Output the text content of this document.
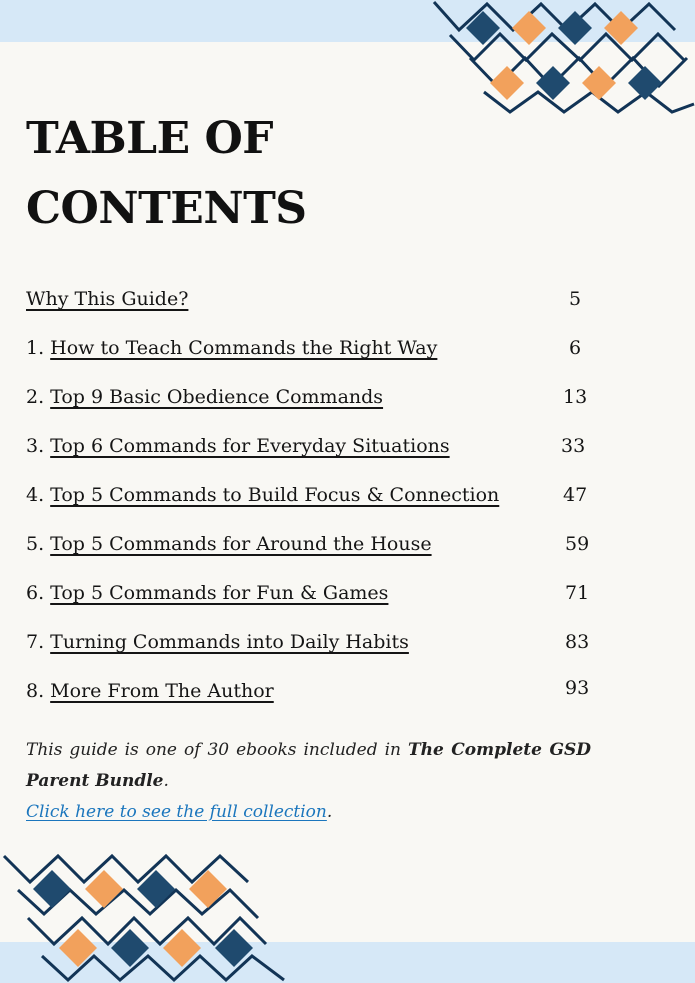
TABLE OF
CONTENTS
Why This Guide?	5
1. How to Teach Commands the Right Way	6
2. Top 9 Basic Obedience Commands	13
3. Top 6 Commands for Everyday Situations	33
4. Top 5 Commands to Build Focus & Connection	47
5. Top 5 Commands for Around the House	59
6. Top 5 Commands for Fun & Games	71
7. Turning Commands into Daily Habits	83
8. More From The Author	93

This guide is one of 30 ebooks included in The Complete GSD Parent Bundle.
Click here to see the full collection.
